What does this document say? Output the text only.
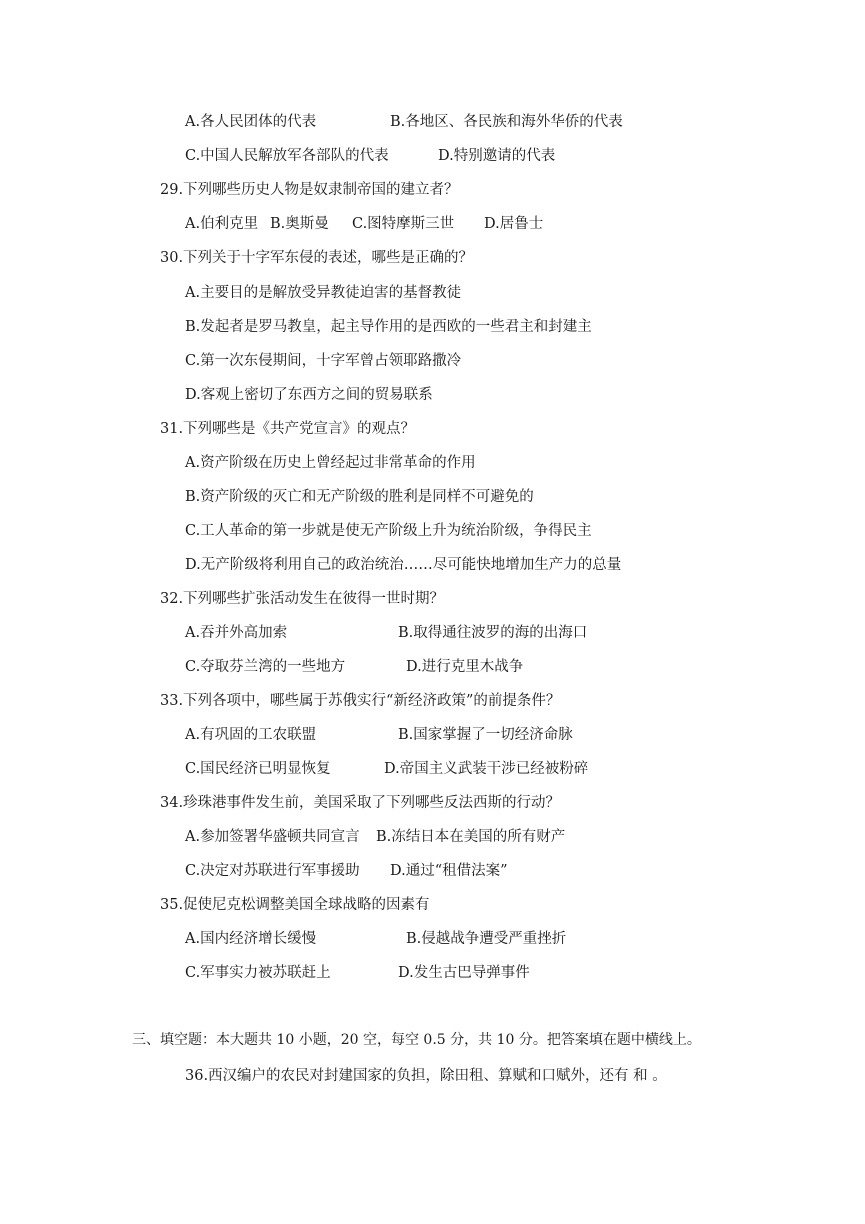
A.各人民团体的代表	B.各地区、各民族和海外华侨的代表
C.中国人民解放军各部队的代表	D.特别邀请的代表
29.下列哪些历史人物是奴隶制帝国的建立者？
A.伯利克里 B.奥斯曼 C.图特摩斯三世 D.居鲁士
30.下列关于十字军东侵的表述，哪些是正确的？
A.主要目的是解放受异教徒迫害的基督教徒
B.发起者是罗马教皇，起主导作用的是西欧的一些君主和封建主
C.第一次东侵期间，十字军曾占领耶路撒冷
D.客观上密切了东西方之间的贸易联系
31.下列哪些是《共产党宣言》的观点？
A.资产阶级在历史上曾经起过非常革命的作用
B.资产阶级的灭亡和无产阶级的胜利是同样不可避免的
C.工人革命的第一步就是使无产阶级上升为统治阶级，争得民主
D.无产阶级将利用自己的政治统治……尽可能快地增加生产力的总量
32.下列哪些扩张活动发生在彼得一世时期？
A.吞并外高加索	B.取得通往波罗的海的出海口
C.夺取芬兰湾的一些地方	D.进行克里木战争
33.下列各项中，哪些属于苏俄实行“新经济政策”的前提条件？
A.有巩固的工农联盟	B.国家掌握了一切经济命脉
C.国民经济已明显恢复	D.帝国主义武装干涉已经被粉碎
34.珍珠港事件发生前，美国采取了下列哪些反法西斯的行动？
A.参加签署华盛顿共同宣言 B.冻结日本在美国的所有财产
C.决定对苏联进行军事援助 D.通过“租借法案”
35.促使尼克松调整美国全球战略的因素有
A.国内经济增长缓慢	B.侵越战争遭受严重挫折
C.军事实力被苏联赶上	D.发生古巴导弹事件
三、填空题：本大题共 10 小题，20 空，每空 0.5 分，共 10 分。把答案填在题中横线上。
36.西汉编户的农民对封建国家的负担，除田租、算赋和口赋外，还有 和 。
